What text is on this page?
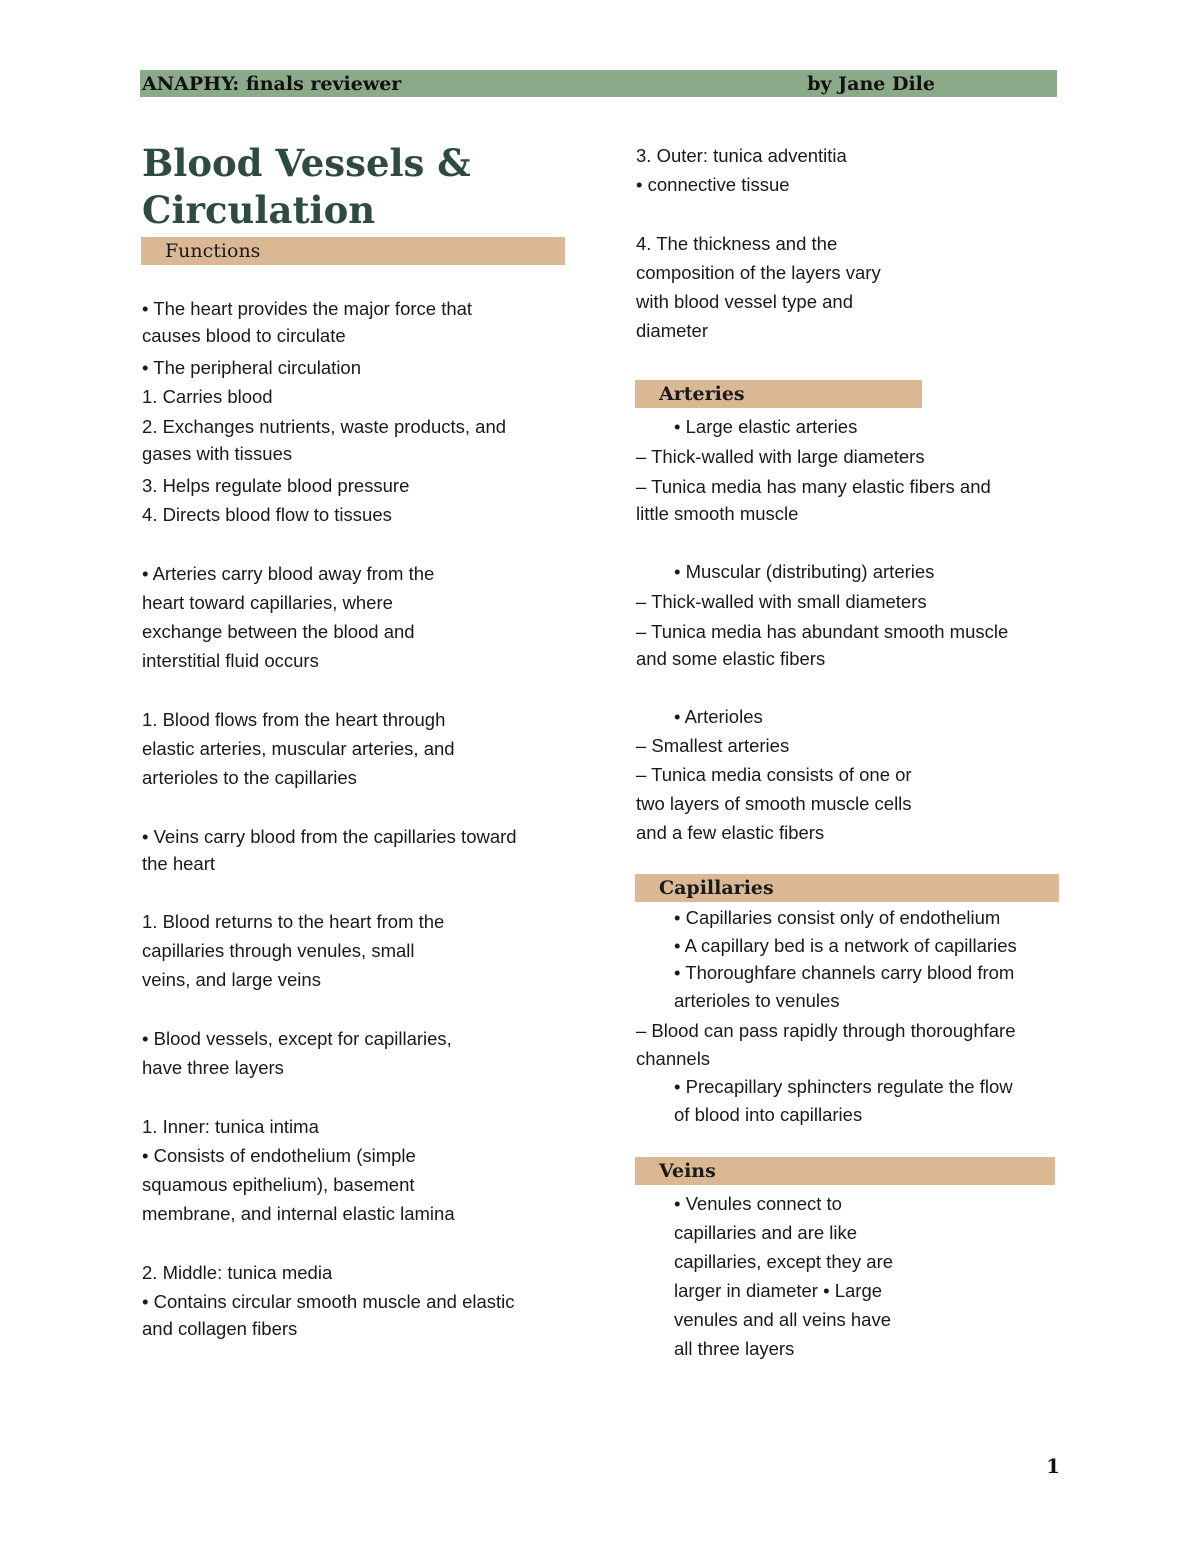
ANAPHY: finals reviewer	by Jane Dile
Blood Vessels &
Circulation
Functions

• The heart provides the major force that

causes blood to circulate

• The peripheral circulation

1. Carries blood

2. Exchanges nutrients, waste products, and

gases with tissues

3. Helps regulate blood pressure

4. Directs blood flow to tissues

• Arteries carry blood away from the

heart toward capillaries, where

exchange between the blood and

interstitial fluid occurs

1. Blood flows from the heart through

elastic arteries, muscular arteries, and

arterioles to the capillaries

• Veins carry blood from the capillaries toward

the heart

1. Blood returns to the heart from the

capillaries through venules, small

veins, and large veins

• Blood vessels, except for capillaries,

have three layers

1. Inner: tunica intima

• Consists of endothelium (simple

squamous epithelium), basement

membrane, and internal elastic lamina

2. Middle: tunica media

• Contains circular smooth muscle and elastic

and collagen fibers

3. Outer: tunica adventitia

• connective tissue

4. The thickness and the

composition of the layers vary

with blood vessel type and

diameter

Arteries

• Large elastic arteries

– Thick-walled with large diameters

– Tunica media has many elastic fibers and

little smooth muscle

• Muscular (distributing) arteries

– Thick-walled with small diameters

– Tunica media has abundant smooth muscle

and some elastic fibers

• Arterioles

– Smallest arteries

– Tunica media consists of one or

two layers of smooth muscle cells

and a few elastic fibers

Capillaries

• Capillaries consist only of endothelium

• A capillary bed is a network of capillaries

• Thoroughfare channels carry blood from

arterioles to venules

– Blood can pass rapidly through thoroughfare

channels

• Precapillary sphincters regulate the flow

of blood into capillaries

Veins

• Venules connect to

capillaries and are like

capillaries, except they are

larger in diameter • Large

venules and all veins have

all three layers

1
